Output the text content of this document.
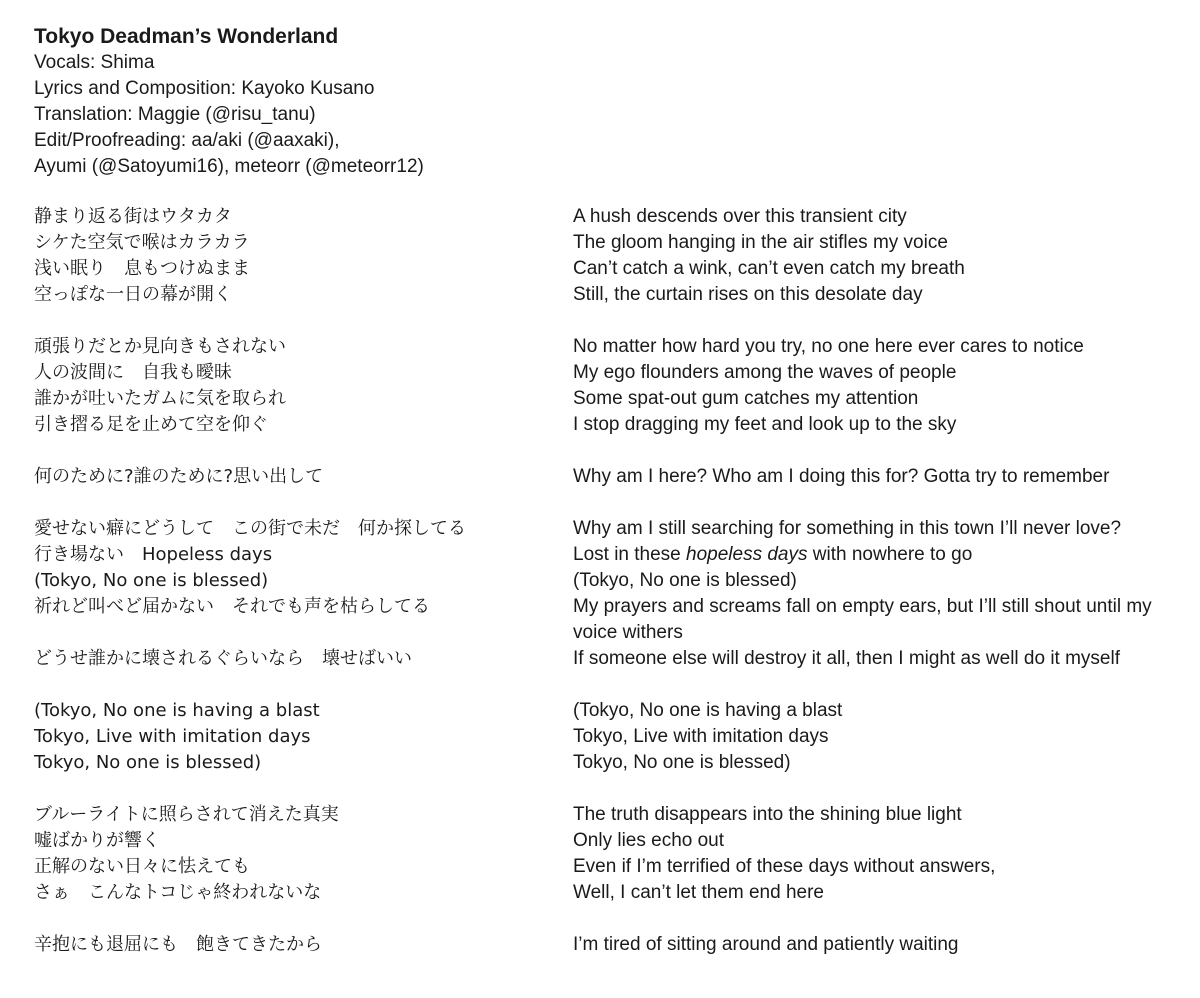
Tokyo Deadman’s Wonderland

Vocals: Shima

Lyrics and Composition: Kayoko Kusano

Translation: Maggie (@risu_tanu)

Edit/Proofreading: aa/aki (@aaxaki),

Ayumi (@Satoyumi16), meteorr (@meteorr12)

静まり返る街はウタカタ
シケた空気で喉はカラカラ
浅い眠り　息もつけぬまま
空っぽな一日の幕が開く
頑張りだとか見向きもされない
人の波間に　自我も曖昧
誰かが吐いたガムに気を取られ
引き摺る足を止めて空を仰ぐ
何のために?誰のために?思い出して
愛せない癖にどうして　この街で未だ　何か探してる
行き場ない　Hopeless days
(Tokyo, No one is blessed)
祈れど叫べど届かない　それでも声を枯らしてる
どうせ誰かに壊されるぐらいなら　壊せばいい
(Tokyo, No one is having a blast
Tokyo, Live with imitation days
Tokyo, No one is blessed)
ブルーライトに照らされて消えた真実
嘘ばかりが響く
正解のない日々に怯えても
さぁ　こんなトコじゃ終われないな
辛抱にも退屈にも　飽きてきたから
A hush descends over this transient city
The gloom hanging in the air stifles my voice
Can’t catch a wink, can’t even catch my breath
Still, the curtain rises on this desolate day
No matter how hard you try, no one here ever cares to notice
My ego flounders among the waves of people
Some spat-out gum catches my attention
I stop dragging my feet and look up to the sky
Why am I here? Who am I doing this for? Gotta try to remember
Why am I still searching for something in this town I’ll never love?
Lost in these hopeless days with nowhere to go
(Tokyo, No one is blessed)
My prayers and screams fall on empty ears, but I’ll still shout until my voice withers
If someone else will destroy it all, then I might as well do it myself
(Tokyo, No one is having a blast
Tokyo, Live with imitation days
Tokyo, No one is blessed)
The truth disappears into the shining blue light
Only lies echo out
Even if I’m terrified of these days without answers,
Well, I can’t let them end here
I’m tired of sitting around and patiently waiting
